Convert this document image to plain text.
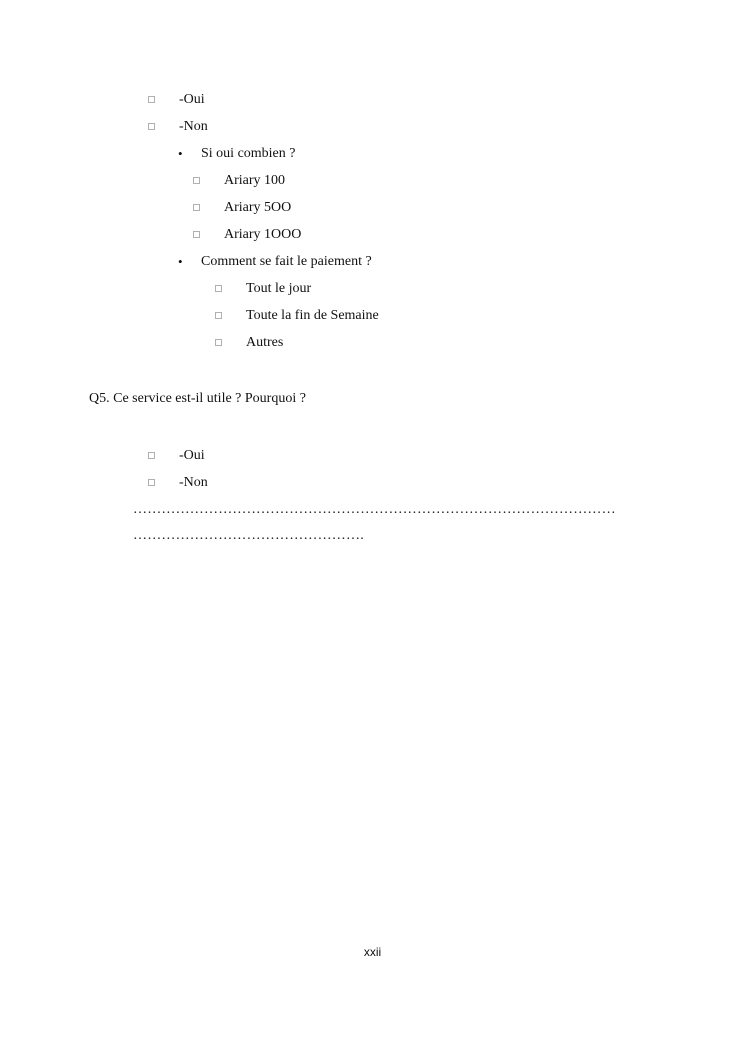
-Oui
-Non
• Si oui combien ?
Ariary 100
Ariary 5OO
Ariary 1OOO
• Comment se fait le paiement ?
Tout le jour
Toute la fin de Semaine
Autres
Q5. Ce service est-il utile ? Pourquoi ?
-Oui
-Non
…………………………………………………………………………………………
………………………………………….
xxii
